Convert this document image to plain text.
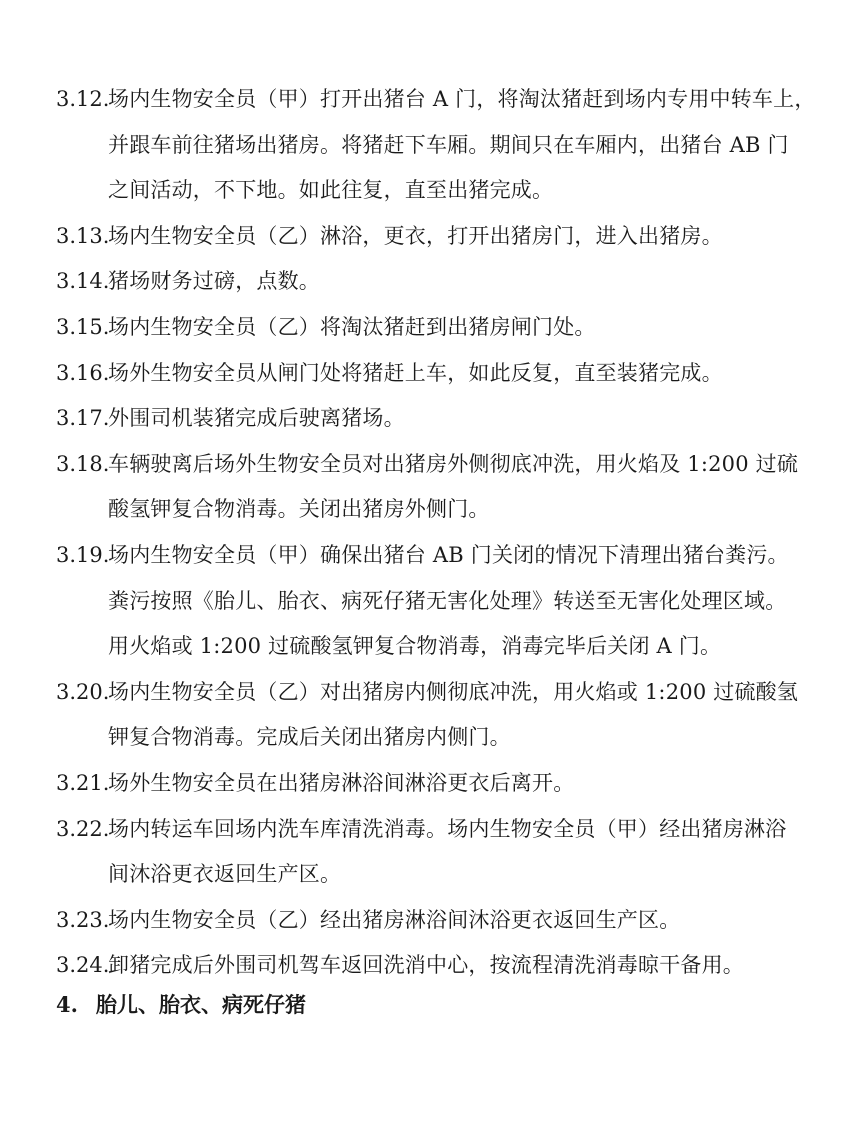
3.12.
场内生物安全员（甲）打开出猪台 A 门，将淘汰猪赶到场内专用中转车上，
并跟车前往猪场出猪房。将猪赶下车厢。期间只在车厢内，出猪台 AB 门
之间活动，不下地。如此往复，直至出猪完成。
3.13.
场内生物安全员（乙）淋浴，更衣，打开出猪房门，进入出猪房。
3.14.
猪场财务过磅，点数。
3.15.
场内生物安全员（乙）将淘汰猪赶到出猪房闸门处。
3.16.
场外生物安全员从闸门处将猪赶上车，如此反复，直至装猪完成。
3.17.
外围司机装猪完成后驶离猪场。
3.18.
车辆驶离后场外生物安全员对出猪房外侧彻底冲洗，用火焰及 1:200 过硫
酸氢钾复合物消毒。关闭出猪房外侧门。
3.19.
场内生物安全员（甲）确保出猪台 AB 门关闭的情况下清理出猪台粪污。
粪污按照《胎儿、胎衣、病死仔猪无害化处理》转送至无害化处理区域。
用火焰或 1:200 过硫酸氢钾复合物消毒，消毒完毕后关闭 A 门。
3.20.
场内生物安全员（乙）对出猪房内侧彻底冲洗，用火焰或 1:200 过硫酸氢
钾复合物消毒。完成后关闭出猪房内侧门。
3.21.
场外生物安全员在出猪房淋浴间淋浴更衣后离开。
3.22.
场内转运车回场内洗车库清洗消毒。场内生物安全员（甲）经出猪房淋浴
间沐浴更衣返回生产区。
3.23.
场内生物安全员（乙）经出猪房淋浴间沐浴更衣返回生产区。
3.24.
卸猪完成后外围司机驾车返回洗消中心，按流程清洗消毒晾干备用。
4. 胎儿、胎衣、病死仔猪
